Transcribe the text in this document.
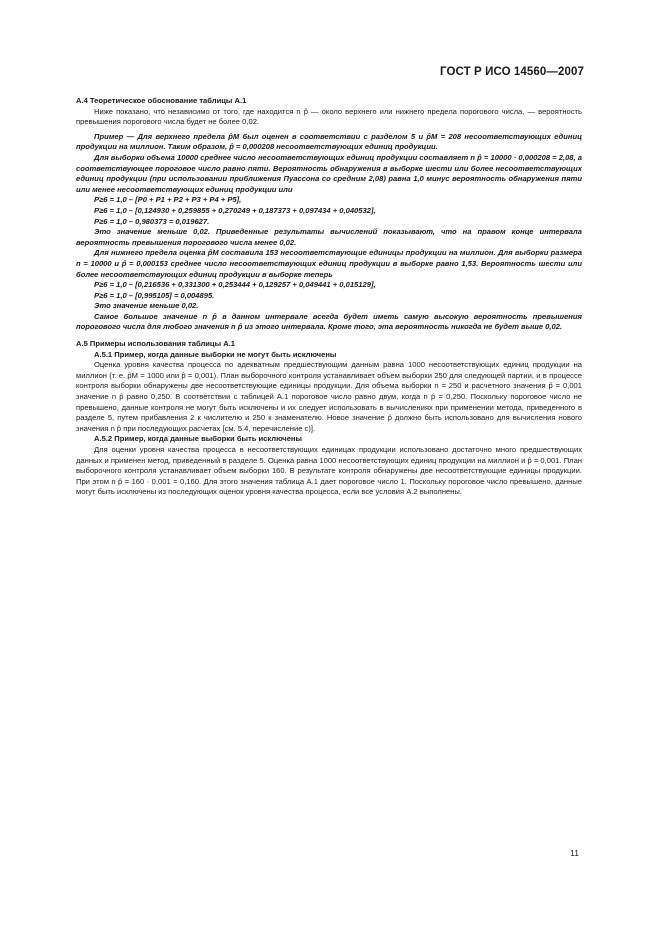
ГОСТ Р ИСО 14560—2007

А.4 Теоретическое обоснование таблицы А.1

Ниже показано, что независимо от того, где находится n p̂ — около верхнего или нижнего предела порогового числа, — вероятность превышения порогового числа будет не более 0,02.

Пример — Для верхнего предела p̂M был оценен в соответствии с разделом 5 и p̂M = 208 несоответствующих единиц продукции на миллион. Таким образом, p̂ = 0,000208 несоответствующих единиц продукции.

Для выборки объема 10000 среднее число несоответствующих единиц продукции составляет n p̂ = 10000 · 0,000208 = 2,08, а соответствующее пороговое число равно пяти. Вероятность обнаружения в выборке шести или более несоответствующих единиц продукции (при использовании приближения Пуассона со средним 2,08) равна 1,0 минус вероятность обнаружения пяти или менее несоответствующих единиц продукции или

P≥6 = 1,0 – [P0 + P1 + P2 + P3 + P4 + P5],

P≥6 = 1,0 – [0,124930 + 0,259855 + 0,270249 + 0,187373 + 0,097434 + 0,040532],

P≥6 = 1,0 – 0,980373 = 0,019627.

Это значение меньше 0,02. Приведенные результаты вычислений показывают, что на правом конце интервала вероятность превышения порогового числа менее 0,02.

Для нижнего предела оценка p̂M составила 153 несоответствующие единицы продукции на миллион. Для выборки размера n = 10000 и p̂ = 0,000153 среднее число несоответствующих единиц продукции в выборке равно 1,53. Вероятность шести или более несоответствующих единиц продукции в выборке теперь

P≥6 = 1,0 – [0,216536 + 0,331300 + 0,253444 + 0,129257 + 0,049441 + 0,015129],

P≥6 = 1,0 – [0,995105] = 0,004895.

Это значение меньше 0,02.

Самое большое значение n p̂ в данном интервале всегда будет иметь самую высокую вероятность превышения порогового числа для любого значения n p̂ из этого интервала. Кроме того, эта вероятность никогда не будет выше 0,02.

А.5 Примеры использования таблицы А.1

А.5.1 Пример, когда данные выборки не могут быть исключены

Оценка уровня качества процесса по адекватным предшествующим данным равна 1000 несоответствующих единиц продукции на миллион (т. е. p̂M = 1000 или p̂ = 0,001). План выборочного контроля устанавливает объем выборки 250 для следующей партии, и в процессе контроля выборки обнаружены две несоответствующие единицы продукции. Для объема выборки n = 250 и расчетного значения p̂ = 0,001 значение n p̂ равно 0,250. В соответствии с таблицей А.1 пороговое число равно двум, когда n p̂ = 0,250. Поскольку пороговое число не превышено, данные контроля не могут быть исключены и их следует использовать в вычислениях при применении метода, приведенного в разделе 5, путем прибавления 2 к числителю и 250 к знаменателю. Новое значение p̂ должно быть использовано для вычисления нового значения n p̂ при последующих расчетах [см. 5.4, перечисление c)].

А.5.2 Пример, когда данные выборки быть исключены

Для оценки уровня качества процесса в несоответствующих единицах продукции использовано достаточно много предшествующих данных и применен метод, приведенный в разделе 5. Оценка равна 1000 несоответствующих единиц продукции на миллион и p̂ = 0,001. План выборочного контроля устанавливает объем выборки 160. В результате контроля обнаружены две несоответствующие единицы продукции. При этом n p̂ = 160 · 0,001 = 0,160. Для этого значения таблица А.1 дает пороговое число 1. Поскольку пороговое число превышено, данные могут быть исключены из последующих оценок уровня качества процесса, если все условия А.2 выполнены.

11
